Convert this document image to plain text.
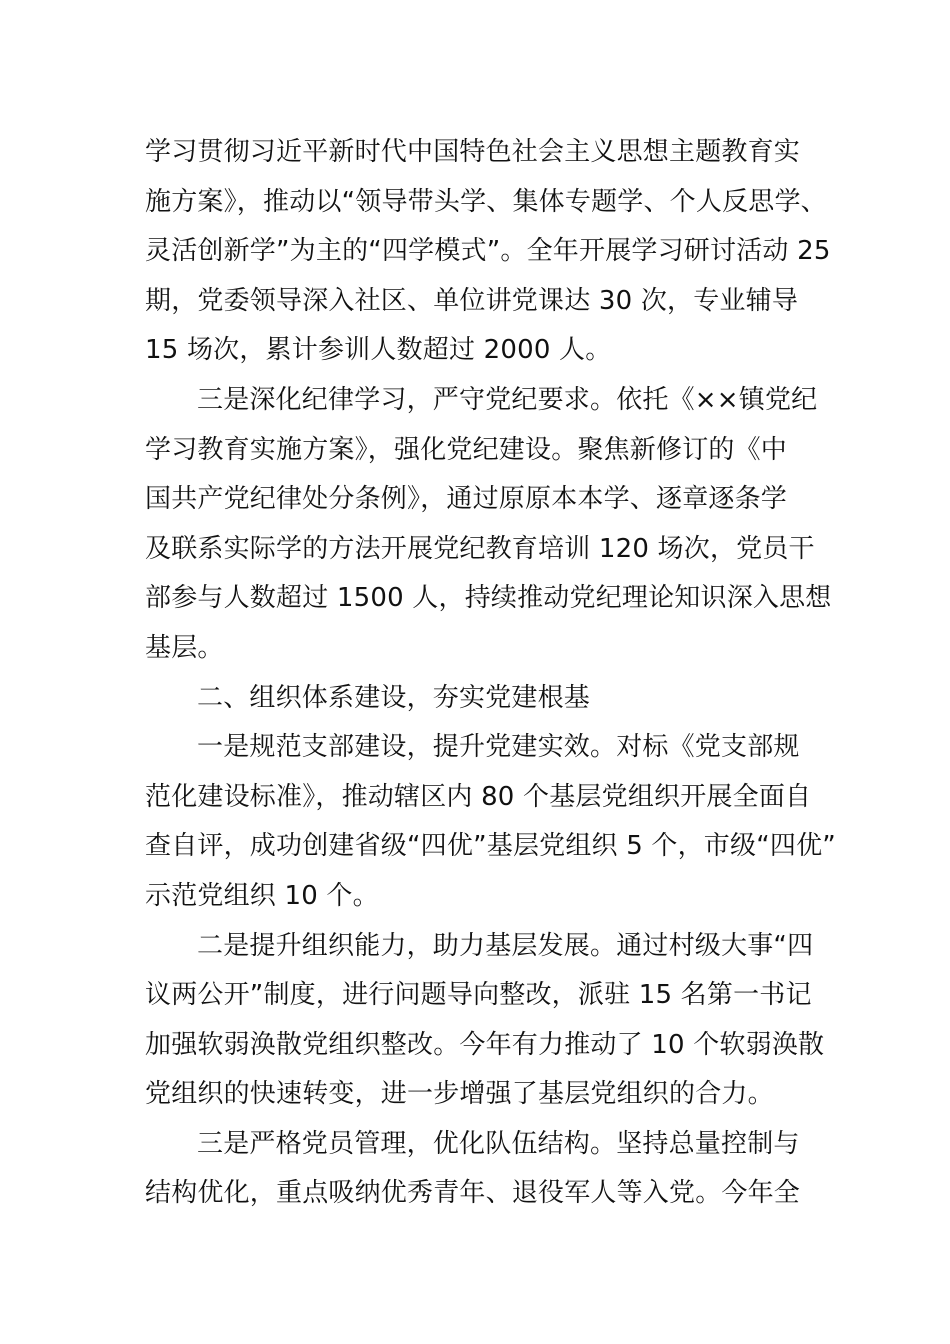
学习贯彻习近平新时代中国特色社会主义思想主题教育实
施方案》，推动以“领导带头学、集体专题学、个人反思学、
灵活创新学”为主的“四学模式”。全年开展学习研讨活动 25
期，党委领导深入社区、单位讲党课达 30 次，专业辅导
15 场次，累计参训人数超过 2000 人。
三是深化纪律学习，严守党纪要求。依托《××镇党纪
学习教育实施方案》，强化党纪建设。聚焦新修订的《中
国共产党纪律处分条例》，通过原原本本学、逐章逐条学
及联系实际学的方法开展党纪教育培训 120 场次，党员干
部参与人数超过 1500 人，持续推动党纪理论知识深入思想
基层。
二、组织体系建设，夯实党建根基
一是规范支部建设，提升党建实效。对标《党支部规
范化建设标准》，推动辖区内 80 个基层党组织开展全面自
查自评，成功创建省级“四优”基层党组织 5 个，市级“四优”
示范党组织 10 个。
二是提升组织能力，助力基层发展。通过村级大事“四
议两公开”制度，进行问题导向整改，派驻 15 名第一书记
加强软弱涣散党组织整改。今年有力推动了 10 个软弱涣散
党组织的快速转变，进一步增强了基层党组织的合力。
三是严格党员管理，优化队伍结构。坚持总量控制与
结构优化，重点吸纳优秀青年、退役军人等入党。今年全
